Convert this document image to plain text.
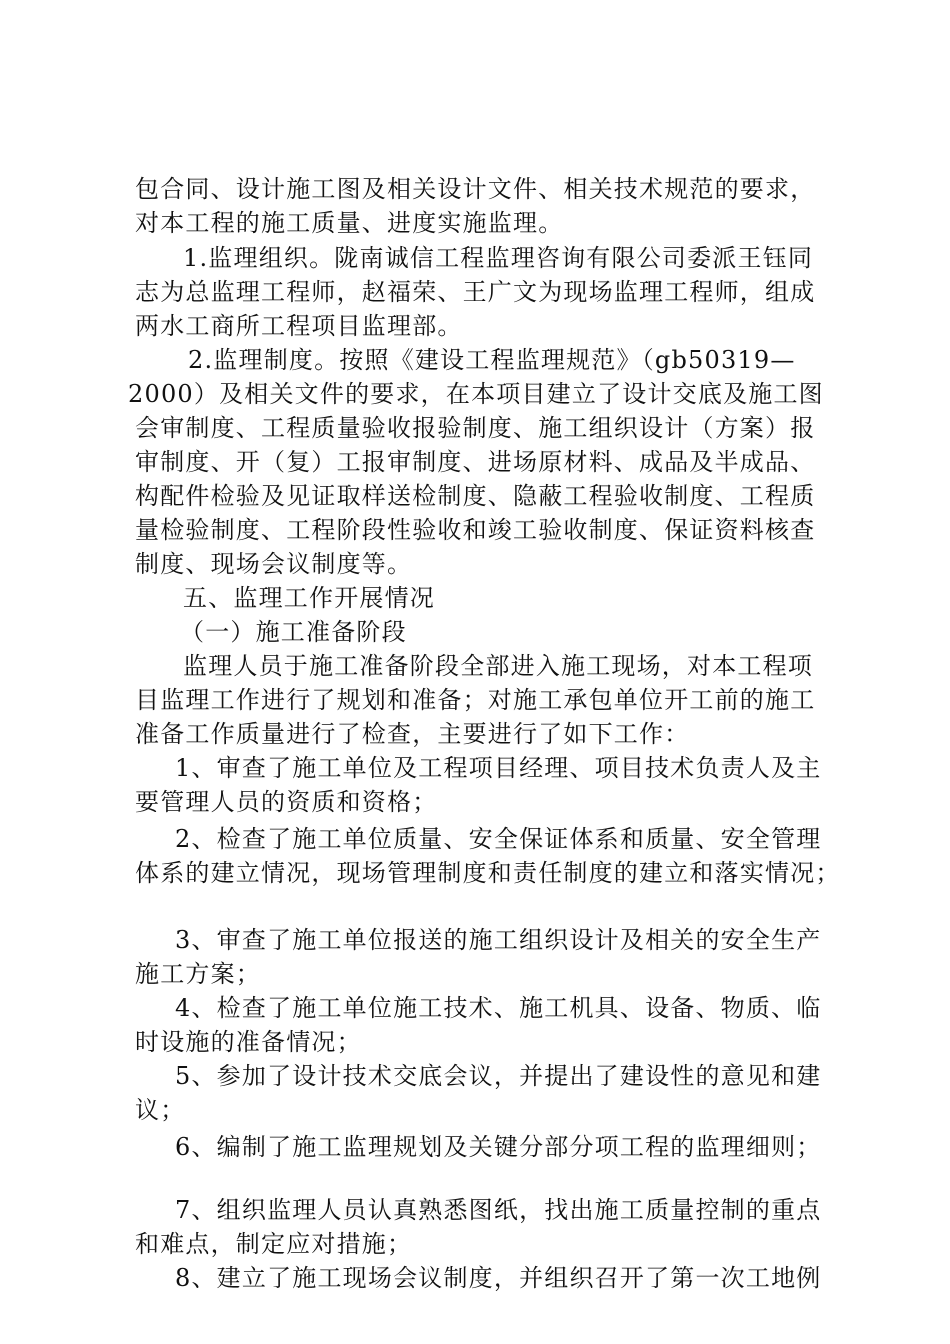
包合同、设计施工图及相关设计文件、相关技术规范的要求，
对本工程的施工质量、进度实施监理。
1.监理组织。陇南诚信工程监理咨询有限公司委派王钰同
志为总监理工程师，赵福荣、王广文为现场监理工程师，组成
两水工商所工程项目监理部。
2.监理制度。按照《建设工程监理规范》（gb50319—
2000）及相关文件的要求，在本项目建立了设计交底及施工图
会审制度、工程质量验收报验制度、施工组织设计（方案）报
审制度、开（复）工报审制度、进场原材料、成品及半成品、
构配件检验及见证取样送检制度、隐蔽工程验收制度、工程质
量检验制度、工程阶段性验收和竣工验收制度、保证资料核查
制度、现场会议制度等。
五、监理工作开展情况
（一）施工准备阶段
监理人员于施工准备阶段全部进入施工现场，对本工程项
目监理工作进行了规划和准备；对施工承包单位开工前的施工
准备工作质量进行了检查，主要进行了如下工作：
1、审查了施工单位及工程项目经理、项目技术负责人及主
要管理人员的资质和资格；
2、检查了施工单位质量、安全保证体系和质量、安全管理
体系的建立情况，现场管理制度和责任制度的建立和落实情况；
3、审查了施工单位报送的施工组织设计及相关的安全生产
施工方案；
4、检查了施工单位施工技术、施工机具、设备、物质、临
时设施的准备情况；
5、参加了设计技术交底会议，并提出了建设性的意见和建
议；
6、编制了施工监理规划及关键分部分项工程的监理细则；
7、组织监理人员认真熟悉图纸，找出施工质量控制的重点
和难点，制定应对措施；
8、建立了施工现场会议制度，并组织召开了第一次工地例
